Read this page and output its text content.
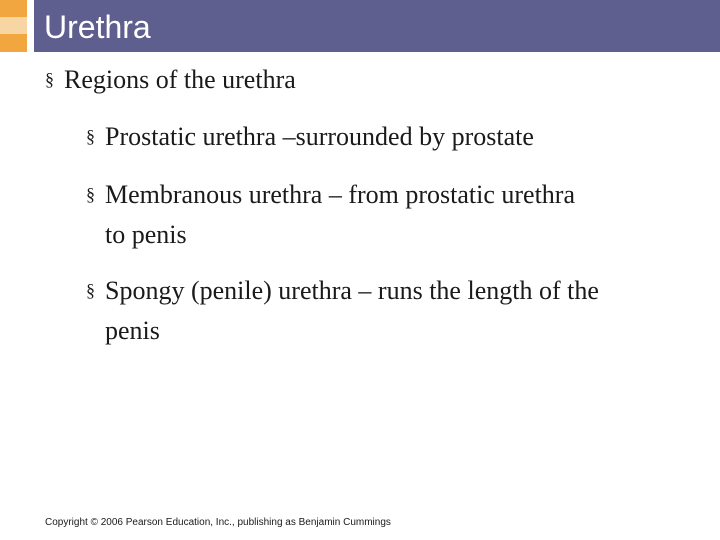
Urethra
§ Regions of the urethra
§ Prostatic urethra –surrounded by prostate
§ Membranous urethra – from prostatic urethra to penis
§ Spongy (penile) urethra – runs the length of the penis
Copyright © 2006 Pearson Education, Inc., publishing as Benjamin Cummings
